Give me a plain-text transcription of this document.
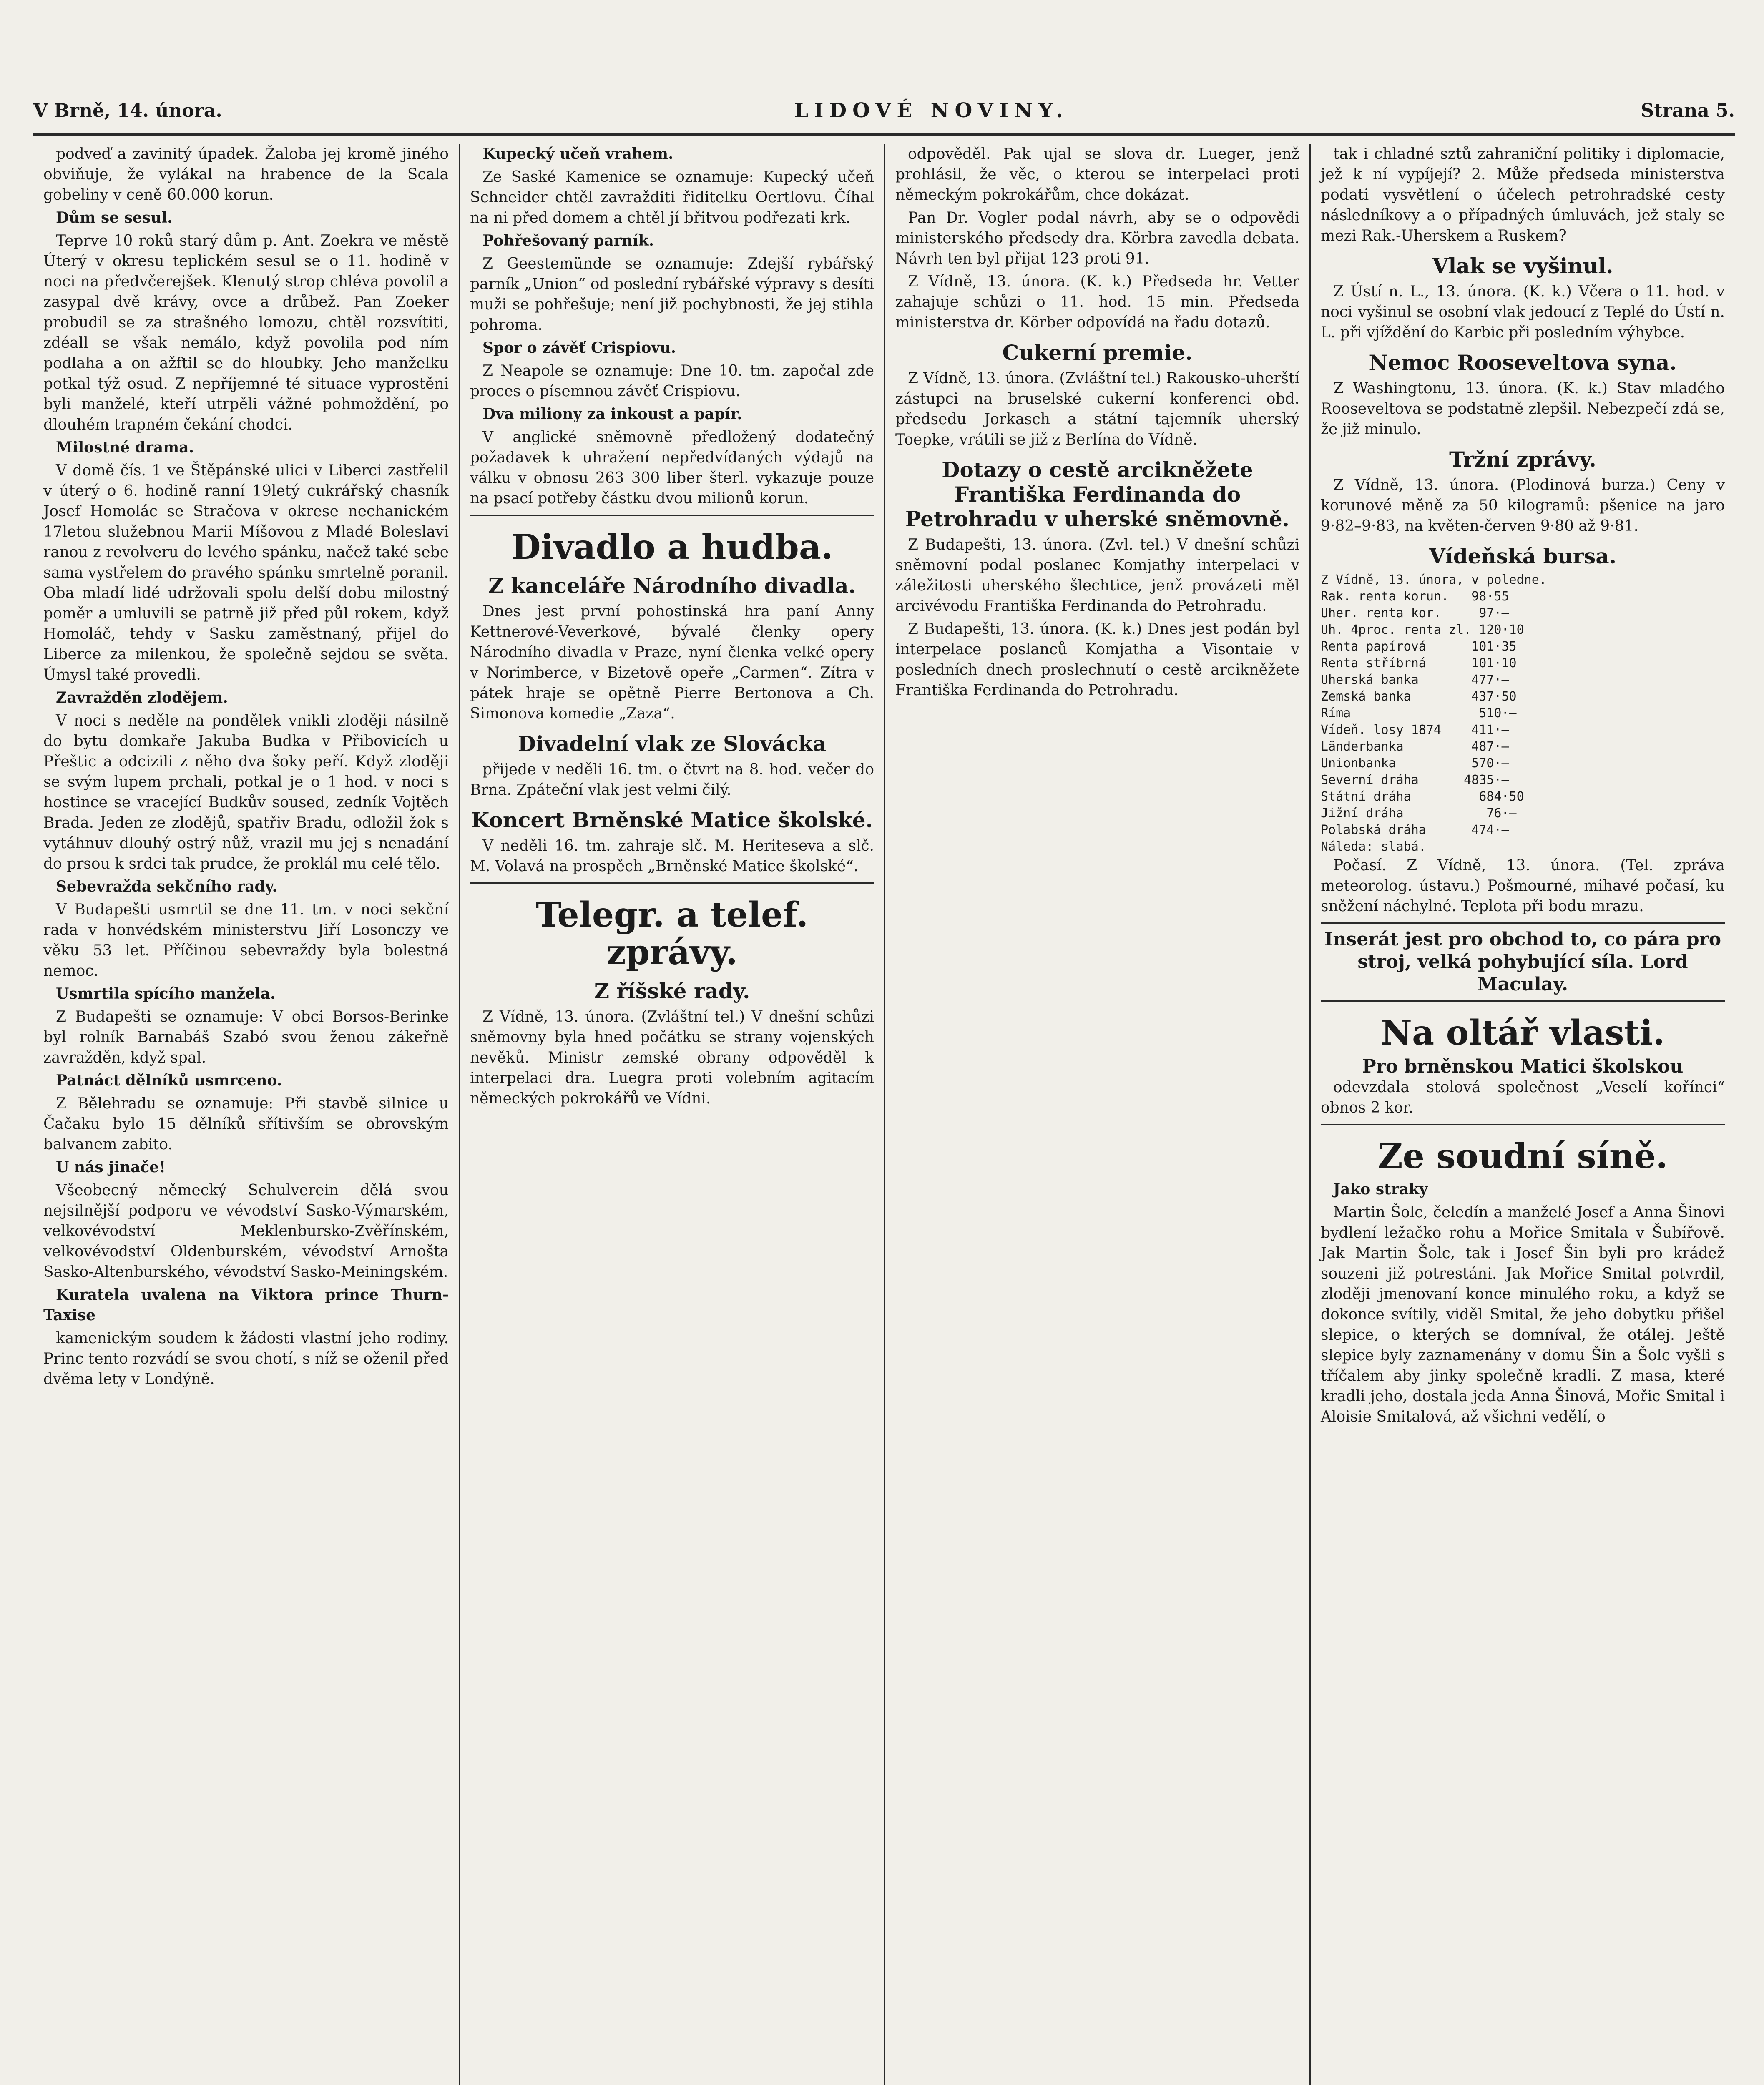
V Brně, 14. února.	LIDOVÉ NOVINY.	Strana 5.

podveď a zavinitý úpadek. Žaloba jej kromě jiného obviňuje, že vylákal na hrabence de la Scala gobeliny v ceně 60.000 korun.

Dům se sesul.

Teprve 10 roků starý dům p. Ant. Zoekra ve městě Úterý v okresu teplickém sesul se o 11. hodině v noci na předvčerejšek. Klenutý strop chléva povolil a zasypal dvě krávy, ovce a drůbež. Pan Zoeker probudil se za strašného lomozu, chtěl rozsvítiti, zdéall se však nemálo, když povolila pod ním podlaha a on ažftil se do hloubky. Jeho manželku potkal týž osud. Z nepříjemné té situace vyprostěni byli manželé, kteří utrpěli vážné pohmoždění, po dlouhém trapném čekání chodci.

Milostné drama.

V domě čís. 1 ve Štěpánské ulici v Liberci zastřelil v úterý o 6. hodině ranní 19letý cukrářský chasník Josef Homolác se Stračova v okrese nechanickém 17letou služebnou Marii Míšovou z Mladé Boleslavi ranou z revolveru do levého spánku, načež také sebe sama vystřelem do pravého spánku smrtelně poranil. Oba mladí lidé udržovali spolu delší dobu milostný poměr a umluvili se patrně již před půl rokem, když Homoláč, tehdy v Sasku zaměstnaný, přijel do Liberce za milenkou, že společně sejdou se světa. Úmysl také provedli.

Zavražděn zlodějem.

V noci s neděle na pondělek vnikli zloději násilně do bytu domkaře Jakuba Budka v Přibovicích u Přeštic a odcizili z něho dva šoky peří. Když zloději se svým lupem prchali, potkal je o 1 hod. v noci s hostince se vracející Budkův soused, zedník Vojtěch Brada. Jeden ze zlodějů, spatřiv Bradu, odložil žok s vytáhnuv dlouhý ostrý nůž, vrazil mu jej s nenadání do prsou k srdci tak prudce, že proklál mu celé tělo.

Sebevražda sekčního rady.

V Budapešti usmrtil se dne 11. tm. v noci sekční rada v honvédském ministerstvu Jiří Losonczy ve věku 53 let. Příčinou sebevraždy byla bolestná nemoc.

Usmrtila spícího manžela.

Z Budapešti se oznamuje: V obci Borsos-Berinke byl rolník Barnabáš Szabó svou ženou zákeřně zavražděn, když spal.

Patnáct dělníků usmrceno.

Z Bělehradu se oznamuje: Při stavbě silnice u Čačaku bylo 15 dělníků sřítivším se obrovským balvanem zabito.

U nás jinače!

Všeobecný německý Schulverein dělá svou nejsilnější podporu ve vévodství Sasko-Výmarském, velkovévodství Meklenbursko-Zvěřínském, velkovévodství Oldenburském, vévodství Arnošta Sasko-Altenburského, vévodství Sasko-Meiningském.

Kuratela uvalena na Viktora prince Thurn-Taxise

kamenickým soudem k žádosti vlastní jeho rodiny. Princ tento rozvádí se svou chotí, s níž se oženil před dvěma lety v Londýně.

Kupecký učeň vrahem.

Ze Saské Kamenice se oznamuje: Kupecký učeň Schneider chtěl zavražditi řiditelku Oertlovu. Číhal na ni před domem a chtěl jí břitvou podřezati krk.

Pohřešovaný parník.

Z Geestemünde se oznamuje: Zdejší rybářský parník „Union“ od poslední rybářské výpravy s desíti muži se pohřešuje; není již pochybnosti, že jej stihla pohroma.

Spor o závěť Crispiovu.

Z Neapole se oznamuje: Dne 10. tm. započal zde proces o písemnou závěť Crispiovu.

Dva miliony za inkoust a papír.

V anglické sněmovně předložený dodatečný požadavek k uhražení nepředvídaných výdajů na válku v obnosu 263 300 liber šterl. vykazuje pouze na psací potřeby částku dvou milionů korun.

Divadlo a hudba.
Z kanceláře Národního divadla.

Dnes jest první pohostinská hra paní Anny Kettnerové-Veverkové, bývalé členky opery Národního divadla v Praze, nyní členka velké opery v Norimberce, v Bizetově opeře „Carmen“. Zítra v pátek hraje se opětně Pierre Bertonova a Ch. Simonova komedie „Zaza“.

Divadelní vlak ze Slovácka

přijede v neděli 16. tm. o čtvrt na 8. hod. večer do Brna. Zpáteční vlak jest velmi čilý.

Koncert Brněnské Matice školské.

V neděli 16. tm. zahraje slč. M. Heriteseva a slč. M. Volavá na prospěch „Brněnské Matice školské“.

Telegr. a telef. zprávy.
Z říšské rady.

Z Vídně, 13. února. (Zvláštní tel.) V dnešní schůzi sněmovny byla hned počátku se strany vojenských nevěků. Ministr zemské obrany odpověděl k interpelaci dra. Luegra proti volebním agitacím německých pokrokářů ve Vídni.

odpověděl. Pak ujal se slova dr. Lueger, jenž prohlásil, že věc, o kterou se interpelaci proti německým pokrokářům, chce dokázat.

Pan Dr. Vogler podal návrh, aby se o odpovědi ministerského předsedy dra. Körbra zavedla debata. Návrh ten byl přijat 123 proti 91.

Z Vídně, 13. února. (K. k.) Předseda hr. Vetter zahajuje schůzi o 11. hod. 15 min. Předseda ministerstva dr. Körber odpovídá na řadu dotazů.

Cukerní premie.

Z Vídně, 13. února. (Zvláštní tel.) Rakousko-uherští zástupci na bruselské cukerní konferenci obd. předsedu Jorkasch a státní tajemník uherský Toepke, vrátili se již z Berlína do Vídně.

Dotazy o cestě arcikněžete Františka Ferdinanda do Petrohradu v uherské sněmovně.

Z Budapešti, 13. února. (Zvl. tel.) V dnešní schůzi sněmovní podal poslanec Komjathy interpelaci v záležitosti uherského šlechtice, jenž provázeti měl arcivévodu Františka Ferdinanda do Petrohradu.

Z Budapešti, 13. února. (K. k.) Dnes jest podán byl interpelace poslanců Komjatha a Visontaie v posledních dnech proslechnutí o cestě arcikněžete Františka Ferdinanda do Petrohradu.

tak i chladné sztů zahraniční politiky i diplomacie, jež k ní vypíjejí? 2. Může předseda ministerstva podati vysvětlení o účelech petrohradské cesty následníkovy a o případných úmluvách, jež staly se mezi Rak.-Uherskem a Ruskem?

Vlak se vyšinul.

Z Ústí n. L., 13. února. (K. k.) Včera o 11. hod. v noci vyšinul se osobní vlak jedoucí z Teplé do Ústí n. L. při vjíždění do Karbic při posledním výhybce.

Nemoc Rooseveltova syna.

Z Washingtonu, 13. února. (K. k.) Stav mladého Rooseveltova se podstatně zlepšil. Nebezpečí zdá se, že již minulo.

Tržní zprávy.

Z Vídně, 13. února. (Plodinová burza.) Ceny v korunové měně za 50 kilogramů: pšenice na jaro 9·82–9·83, na květen-červen 9·80 až 9·81.

Vídeňská bursa.
Z Vídně, 13. února, v poledne.
Rak. renta korun.   98·55
Uher. renta kor.     97·—
Uh. 4proc. renta zl. 120·10
Renta papírová      101·35
Renta stříbrná      101·10
Uherská banka       477·—
Zemská banka        437·50
Ríma                 510·—
Vídeň. losy 1874    411·—
Länderbanka         487·—
Unionbanka          570·—
Severní dráha      4835·—
Státní dráha         684·50
Jižní dráha           76·—
Polabská dráha      474·—
Náleda: slabá.

Počasí. Z Vídně, 13. února. (Tel. zpráva meteorolog. ústavu.) Pošmourné, mihavé počasí, ku sněžení náchylné. Teplota při bodu mrazu.

Inserát jest pro obchod to, co pára pro stroj, velká pohybující síla. Lord Maculay.
Na oltář vlasti.
Pro brněnskou Matici školskou

odevzdala stolová společnost „Veselí kořínci“ obnos 2 kor.

Ze soudní síně.

Jako straky

Martin Šolc, čeledín a manželé Josef a Anna Šinovi bydlení ležačko rohu a Mořice Smitala v Šubířově. Jak Martin Šolc, tak i Josef Šin byli pro krádež souzeni již potrestáni. Jak Mořice Smital potvrdil, zloději jmenovaní konce minulého roku, a když se dokonce svítily, viděl Smital, že jeho dobytku přišel slepice, o kterých se domníval, že otálej. Ještě slepice byly zaznamenány v domu Šin a Šolc vyšli s tříčalem aby jinky společně kradli. Z masa, které kradli jeho, dostala jeda Anna Šinová, Mořic Smital i Aloisie Smitalová, až všichni vedělí, o
